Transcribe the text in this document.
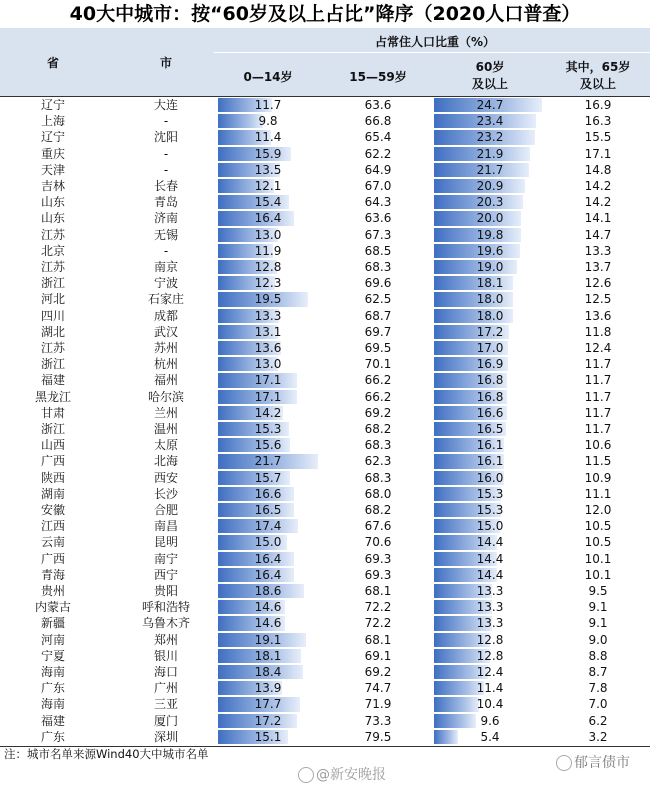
40大中城市：按“60岁及以上占比”降序（2020人口普查）
省	市
占常住人口比重（%）
0—14岁	15—59岁
60岁
及以上
其中，65岁
及以上
辽宁	大连	11.7	63.6	24.7	16.9
上海	-	9.8	66.8	23.4	16.3
辽宁	沈阳	11.4	65.4	23.2	15.5
重庆	-	15.9	62.2	21.9	17.1
天津	-	13.5	64.9	21.7	14.8
吉林	长春	12.1	67.0	20.9	14.2
山东	青岛	15.4	64.3	20.3	14.2
山东	济南	16.4	63.6	20.0	14.1
江苏	无锡	13.0	67.3	19.8	14.7
北京	-	11.9	68.5	19.6	13.3
江苏	南京	12.8	68.3	19.0	13.7
浙江	宁波	12.3	69.6	18.1	12.6
河北	石家庄	19.5	62.5	18.0	12.5
四川	成都	13.3	68.7	18.0	13.6
湖北	武汉	13.1	69.7	17.2	11.8
江苏	苏州	13.6	69.5	17.0	12.4
浙江	杭州	13.0	70.1	16.9	11.7
福建	福州	17.1	66.2	16.8	11.7
黑龙江	哈尔滨	17.1	66.2	16.8	11.7
甘肃	兰州	14.2	69.2	16.6	11.7
浙江	温州	15.3	68.2	16.5	11.7
山西	太原	15.6	68.3	16.1	10.6
广西	北海	21.7	62.3	16.1	11.5
陕西	西安	15.7	68.3	16.0	10.9
湖南	长沙	16.6	68.0	15.3	11.1
安徽	合肥	16.5	68.2	15.3	12.0
江西	南昌	17.4	67.6	15.0	10.5
云南	昆明	15.0	70.6	14.4	10.5
广西	南宁	16.4	69.3	14.4	10.1
青海	西宁	16.4	69.3	14.4	10.1
贵州	贵阳	18.6	68.1	13.3	9.5
内蒙古	呼和浩特	14.6	72.2	13.3	9.1
新疆	乌鲁木齐	14.6	72.2	13.3	9.1
河南	郑州	19.1	68.1	12.8	9.0
宁夏	银川	18.1	69.1	12.8	8.8
海南	海口	18.4	69.2	12.4	8.7
广东	广州	13.9	74.7	11.4	7.8
海南	三亚	17.7	71.9	10.4	7.0
福建	厦门	17.2	73.3	9.6	6.2
广东	深圳	15.1	79.5	5.4	3.2
注：城市名单来源Wind40大中城市名单
@新安晚报
郁言债市
